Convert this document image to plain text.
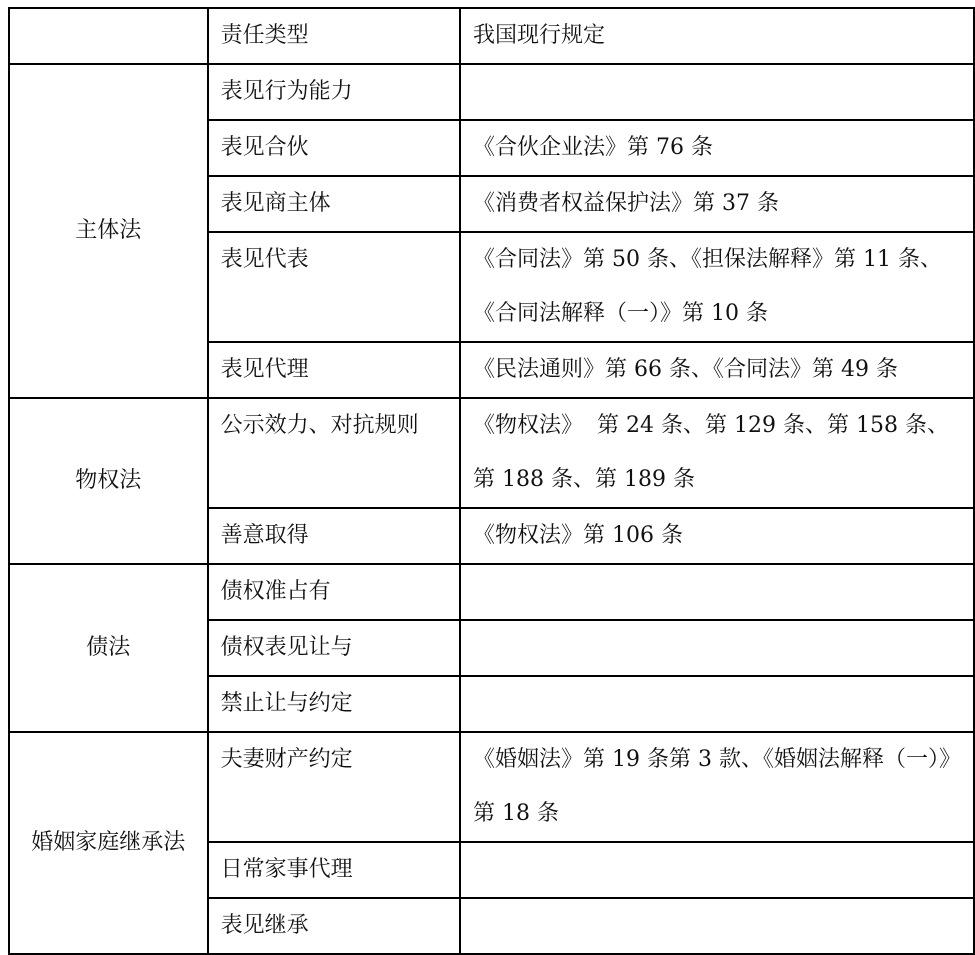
	责任类型	我国现行规定
主体法	表见行为能力	
	表见合伙	《合伙企业法》第 76 条
	表见商主体	《消费者权益保护法》第 37 条
	表见代表	《合同法》第 50 条、《担保法解释》第 11 条、
《合同法解释（一）》第 10 条

	表见代理	《民法通则》第 66 条、《合同法》第 49 条
物权法	公示效力、对抗规则	《物权法》  第 24 条、第 129 条、第 158 条、
第 188 条、第 189 条

	善意取得	《物权法》第 106 条
债法	债权准占有	
	债权表见让与	
	禁止让与约定	
婚姻家庭继承法	夫妻财产约定	《婚姻法》第 19 条第 3 款、《婚姻法解释（一）》
第 18 条

	日常家事代理	
	表见继承	
